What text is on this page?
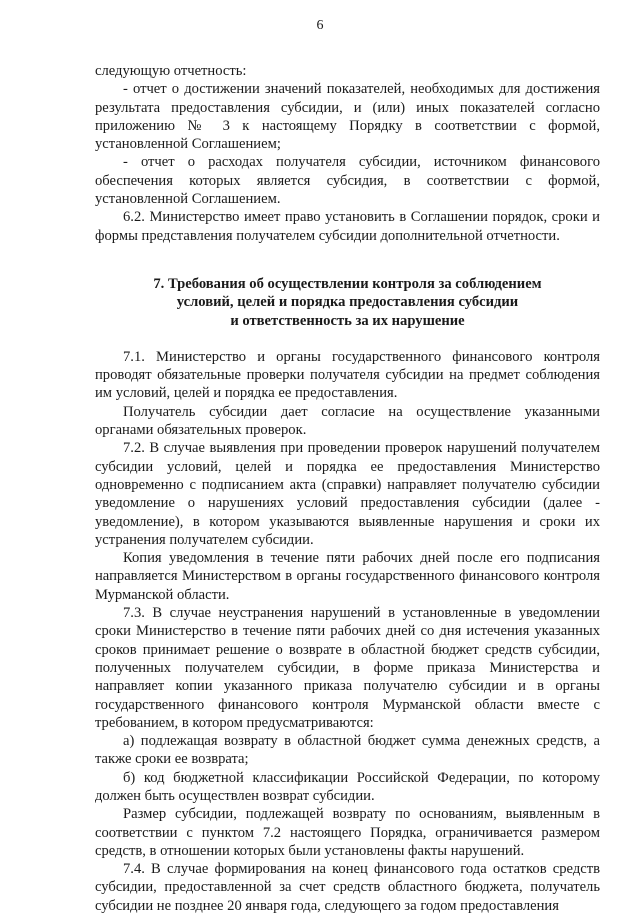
6

следующую отчетность:

- отчет о достижении значений показателей, необходимых для достижения результата предоставления субсидии, и (или) иных показателей согласно приложению № 3 к настоящему Порядку в соответствии с формой, установленной Соглашением;

- отчет о расходах получателя субсидии, источником финансового обеспечения которых является субсидия, в соответствии с формой, установленной Соглашением.

6.2. Министерство имеет право установить в Соглашении порядок, сроки и формы представления получателем субсидии дополнительной отчетности.

7. Требования об осуществлении контроля за соблюдением

условий, целей и порядка предоставления субсидии

и ответственность за их нарушение

7.1. Министерство и органы государственного финансового контроля проводят обязательные проверки получателя субсидии на предмет соблюдения им условий, целей и порядка ее предоставления.

Получатель субсидии дает согласие на осуществление указанными органами обязательных проверок.

7.2. В случае выявления при проведении проверок нарушений получателем субсидии условий, целей и порядка ее предоставления Министерство одновременно с подписанием акта (справки) направляет получателю субсидии уведомление о нарушениях условий предоставления субсидии (далее - уведомление), в котором указываются выявленные нарушения и сроки их устранения получателем субсидии.

Копия уведомления в течение пяти рабочих дней после его подписания направляется Министерством в органы государственного финансового контроля Мурманской области.

7.3. В случае неустранения нарушений в установленные в уведомлении сроки Министерство в течение пяти рабочих дней со дня истечения указанных сроков принимает решение о возврате в областной бюджет средств субсидии, полученных получателем субсидии, в форме приказа Министерства и направляет копии указанного приказа получателю субсидии и в органы государственного финансового контроля Мурманской области вместе с требованием, в котором предусматриваются:

а) подлежащая возврату в областной бюджет сумма денежных средств, а также сроки ее возврата;

б) код бюджетной классификации Российской Федерации, по которому должен быть осуществлен возврат субсидии.

Размер субсидии, подлежащей возврату по основаниям, выявленным в соответствии с пунктом 7.2 настоящего Порядка, ограничивается размером средств, в отношении которых были установлены факты нарушений.

7.4. В случае формирования на конец финансового года остатков средств субсидии, предоставленной за счет средств областного бюджета, получатель субсидии не позднее 20 января года, следующего за годом предоставления
